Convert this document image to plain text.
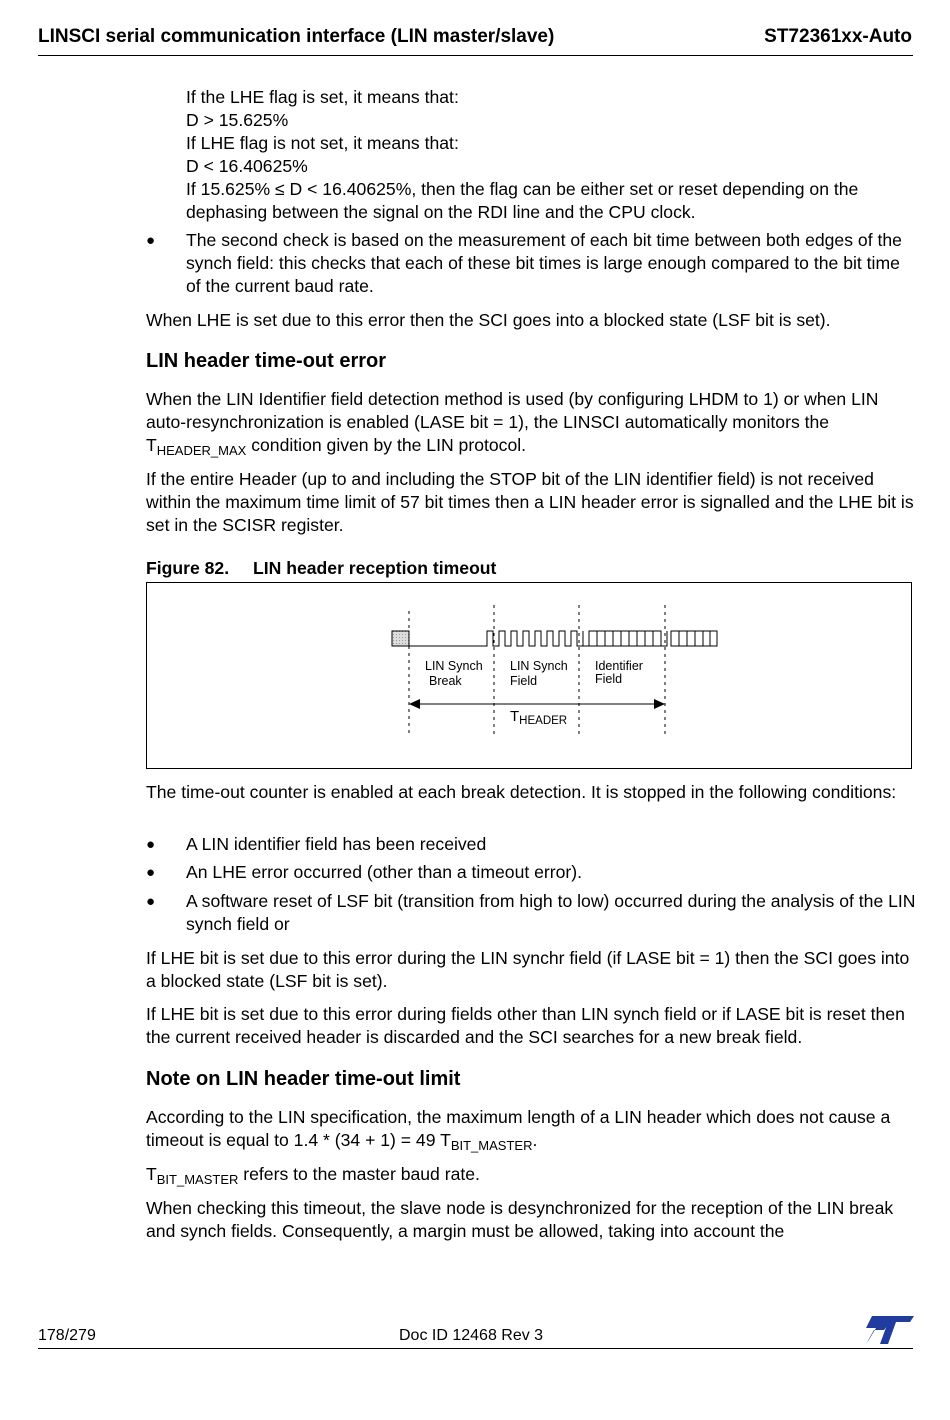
LINSCI serial communication interface (LIN master/slave)	ST72361xx-Auto
If the LHE flag is set, it means that:
D > 15.625%
If LHE flag is not set, it means that:
D < 16.40625%
If 15.625% ≤ D < 16.40625%, then the flag can be either set or reset depending on the dephasing between the signal on the RDI line and the CPU clock.
● The second check is based on the measurement of each bit time between both edges of the synch field: this checks that each of these bit times is large enough compared to the bit time of the current baud rate.
When LHE is set due to this error then the SCI goes into a blocked state (LSF bit is set).
LIN header time-out error
When the LIN Identifier field detection method is used (by configuring LHDM to 1) or when LIN auto-resynchronization is enabled (LASE bit = 1), the LINSCI automatically monitors the $T_{HEADER\_MAX}$ condition given by the LIN protocol.
If the entire Header (up to and including the STOP bit of the LIN identifier field) is not received within the maximum time limit of 57 bit times then a LIN header error is signalled and the LHE bit is set in the SCISR register.
Figure 82. LIN header reception timeout
LIN Synch
Break
LIN Synch
Field
Identifier
Field
$T_{HEADER}$
The time-out counter is enabled at each break detection. It is stopped in the following conditions:
● A LIN identifier field has been received
● An LHE error occurred (other than a timeout error).
● A software reset of LSF bit (transition from high to low) occurred during the analysis of the LIN synch field or
If LHE bit is set due to this error during the LIN synchr field (if LASE bit = 1) then the SCI goes into a blocked state (LSF bit is set).
If LHE bit is set due to this error during fields other than LIN synch field or if LASE bit is reset then the current received header is discarded and the SCI searches for a new break field.
Note on LIN header time-out limit
According to the LIN specification, the maximum length of a LIN header which does not cause a timeout is equal to 1.4 * (34 + 1) = 49 $T_{BIT\_MASTER}$.
$T_{BIT\_MASTER}$ refers to the master baud rate.
When checking this timeout, the slave node is desynchronized for the reception of the LIN break and synch fields. Consequently, a margin must be allowed, taking into account the
178/279	Doc ID 12468 Rev 3
